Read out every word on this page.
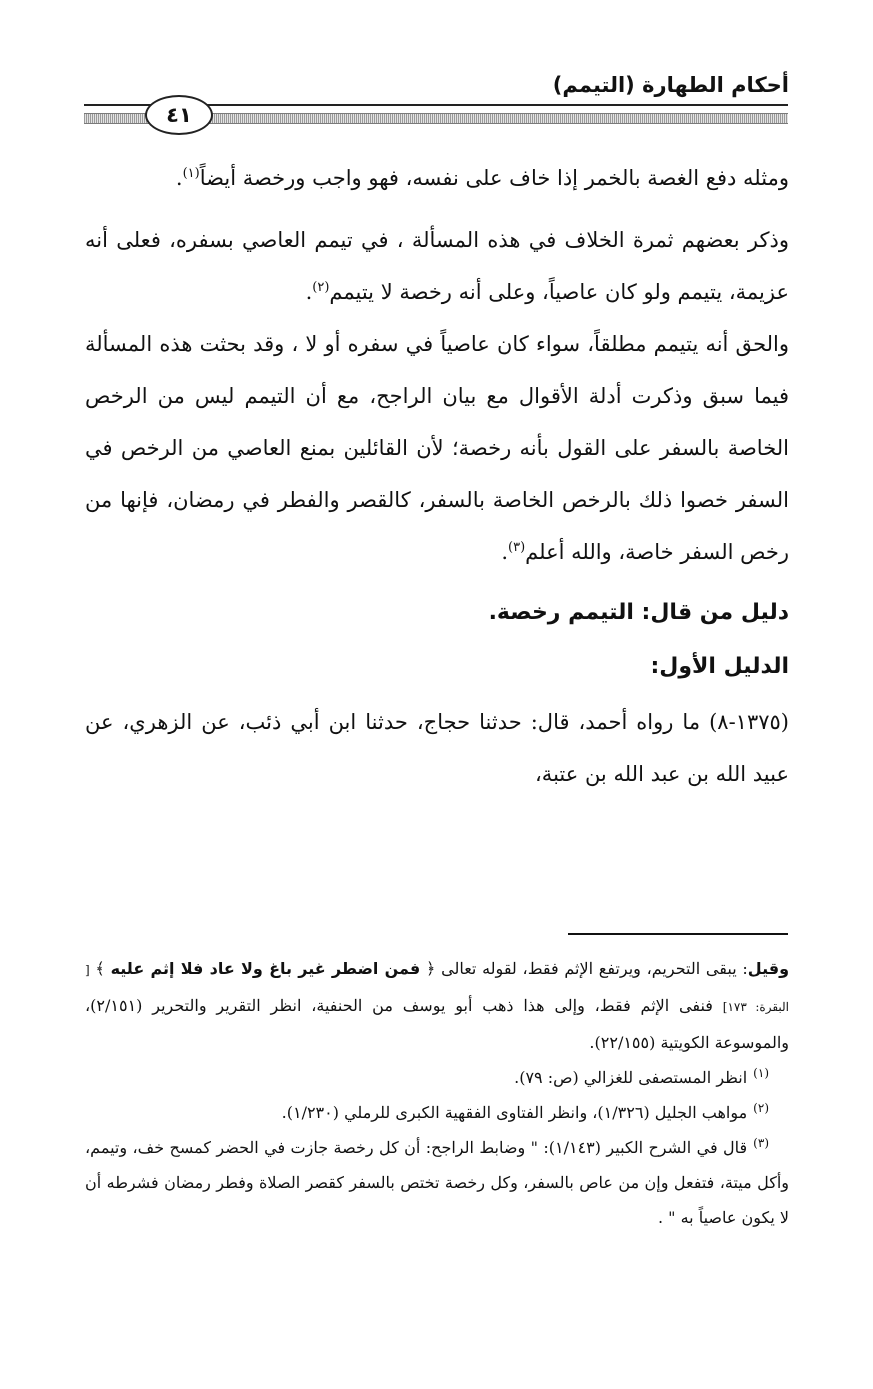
أحكام الطهارة (التيمم)
٤١

ومثله دفع الغصة بالخمر إذا خاف على نفسه، فهو واجب ورخصة أيضاً$^{(١)}$.

وذكر بعضهم ثمرة الخلاف في هذه المسألة ، في تيمم العاصي بسفره، فعلى أنه عزيمة، يتيمم ولو كان عاصياً، وعلى أنه رخصة لا يتيمم$^{(٢)}$.

والحق أنه يتيمم مطلقاً، سواء كان عاصياً في سفره أو لا ، وقد بحثت هذه المسألة فيما سبق وذكرت أدلة الأقوال مع بيان الراجح، مع أن التيمم ليس من الرخص الخاصة بالسفر على القول بأنه رخصة؛ لأن القائلين بمنع العاصي من الرخص في السفر خصوا ذلك بالرخص الخاصة بالسفر، كالقصر والفطر في رمضان، فإنها من رخص السفر خاصة، والله أعلم$^{(٣)}$.

دليل من قال: التيمم رخصة.
الدليل الأول:

(١٣٧٥-٨) ما رواه أحمد، قال: حدثنا حجاج، حدثنا ابن أبي ذئب، عن الزهري، عن عبيد الله بن عبد الله بن عتبة،

وقيل: يبقى التحريم، ويرتفع الإثم فقط، لقوله تعالى ﴿ فمن اضطر غير باغ ولا عاد فلا إثم عليه ﴾ [ البقرة: ١٧٣] فنفى الإثم فقط، وإلى هذا ذهب أبو يوسف من الحنفية، انظر التقرير والتحرير (٢/١٥١)، والموسوعة الكويتية (٢٢/١٥٥).

$^{(١)}$انظر المستصفى للغزالي (ص: ٧٩).

$^{(٢)}$مواهب الجليل (١/٣٢٦)، وانظر الفتاوى الفقهية الكبرى للرملي (١/٢٣٠).

$^{(٣)}$قال في الشرح الكبير (١/١٤٣): " وضابط الراجح: أن كل رخصة جازت في الحضر كمسح خف، وتيمم، وأكل ميتة، فتفعل وإن من عاص بالسفر، وكل رخصة تختص بالسفر كقصر الصلاة وفطر رمضان فشرطه أن لا يكون عاصياً به " .
